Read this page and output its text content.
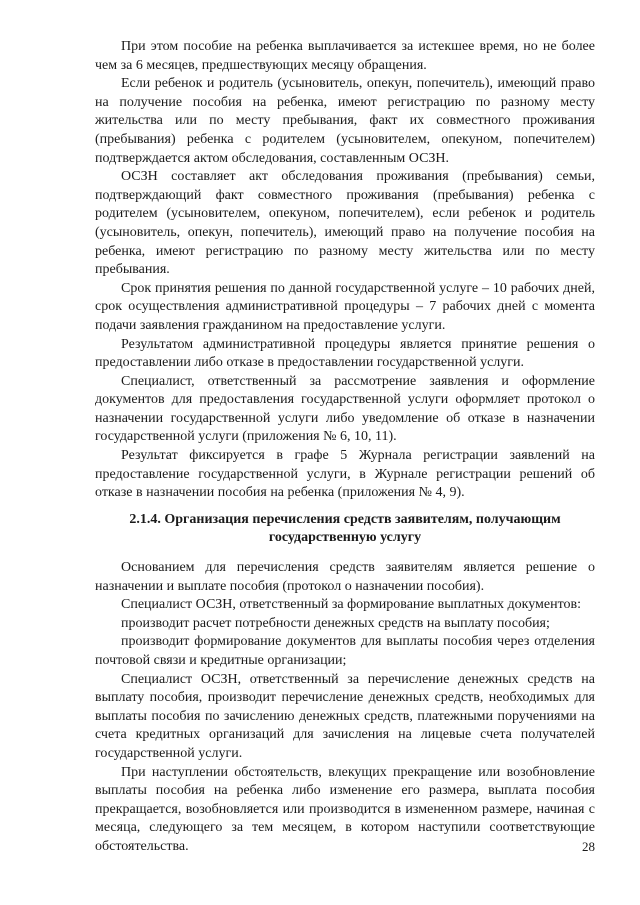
При этом пособие на ребенка выплачивается за истекшее время, но не более чем за 6 месяцев, предшествующих месяцу обращения.

Если ребенок и родитель (усыновитель, опекун, попечитель), имеющий право на получение пособия на ребенка, имеют регистрацию по разному месту жительства или по месту пребывания, факт их совместного проживания (пребывания) ребенка с родителем (усыновителем, опекуном, попечителем) подтверждается актом обследования, составленным ОСЗН.

ОСЗН составляет акт обследования проживания (пребывания) семьи, подтверждающий факт совместного проживания (пребывания) ребенка с родителем (усыновителем, опекуном, попечителем), если ребенок и родитель (усыновитель, опекун, попечитель), имеющий право на получение пособия на ребенка, имеют регистрацию по разному месту жительства или по месту пребывания.

Срок принятия решения по данной государственной услуге – 10 рабочих дней, срок осуществления административной процедуры – 7 рабочих дней с момента подачи заявления гражданином на предоставление услуги.

Результатом административной процедуры является принятие решения о предоставлении либо отказе в предоставлении государственной услуги.

Специалист, ответственный за рассмотрение заявления и оформление документов для предоставления государственной услуги оформляет протокол о назначении государственной услуги либо уведомление об отказе в назначении государственной услуги (приложения № 6, 10, 11).

Результат фиксируется в графе 5 Журнала регистрации заявлений на предоставление государственной услуги, в Журнале регистрации решений об отказе в назначении пособия на ребенка (приложения № 4, 9).

2.1.4. Организация перечисления средств заявителям, получающим
государственную услугу

Основанием для перечисления средств заявителям является решение о назначении и выплате пособия (протокол о назначении пособия).

Специалист ОСЗН, ответственный за формирование выплатных документов:

производит расчет потребности денежных средств на выплату пособия;

производит формирование документов для выплаты пособия через отделения почтовой связи и кредитные организации;

Специалист ОСЗН, ответственный за перечисление денежных средств на выплату пособия, производит перечисление денежных средств, необходимых для выплаты пособия по зачислению денежных средств, платежными поручениями на счета кредитных организаций для зачисления на лицевые счета получателей государственной услуги.

При наступлении обстоятельств, влекущих прекращение или возобновление выплаты пособия на ребенка либо изменение его размера, выплата пособия прекращается, возобновляется или производится в измененном размере, начиная с месяца, следующего за тем месяцем, в котором наступили соответствующие обстоятельства.	28
